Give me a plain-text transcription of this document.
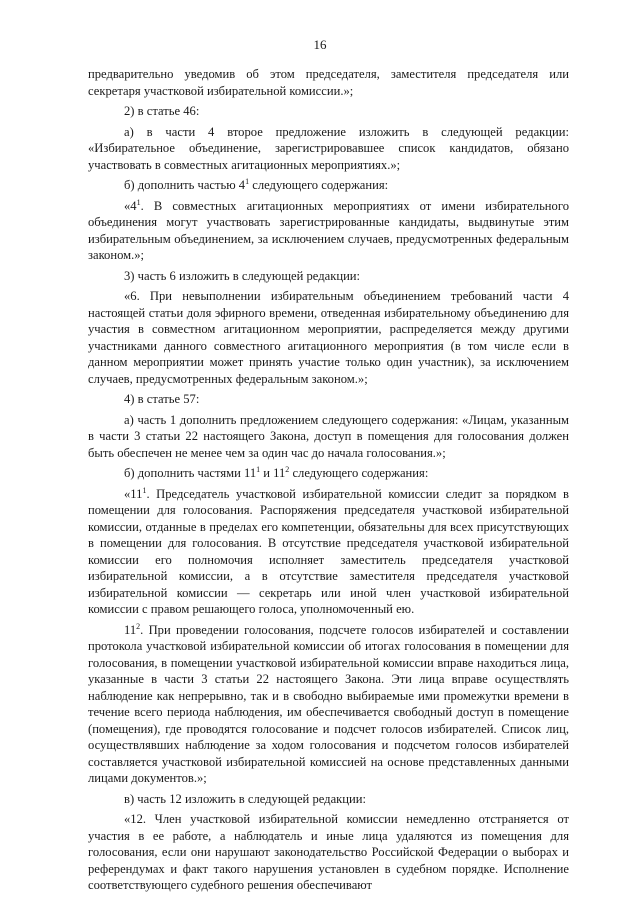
16

предварительно уведомив об этом председателя, заместителя председателя или секретаря участковой избирательной комиссии.»;

2) в статье 46:

а) в части 4 второе предложение изложить в следующей редакции: «Избирательное объединение, зарегистрировавшее список кандидатов, обязано участвовать в совместных агитационных мероприятиях.»;

б) дополнить частью $4^1$ следующего содержания:

«$4^1$. В совместных агитационных мероприятиях от имени избирательного объединения могут участвовать зарегистрированные кандидаты, выдвинутые этим избирательным объединением, за исключением случаев, предусмотренных федеральным законом.»;

3) часть 6 изложить в следующей редакции:

«6. При невыполнении избирательным объединением требований части 4 настоящей статьи доля эфирного времени, отведенная избирательному объединению для участия в совместном агитационном мероприятии, распределяется между другими участниками данного совместного агитационного мероприятия (в том числе если в данном мероприятии может принять участие только один участник), за исключением случаев, предусмотренных федеральным законом.»;

4) в статье 57:

а) часть 1 дополнить предложением следующего содержания: «Лицам, указанным в части 3 статьи 22 настоящего Закона, доступ в помещения для голосования должен быть обеспечен не менее чем за один час до начала голосования.»;

б) дополнить частями $11^1$ и $11^2$ следующего содержания:

«$11^1$. Председатель участковой избирательной комиссии следит за порядком в помещении для голосования. Распоряжения председателя участковой избирательной комиссии, отданные в пределах его компетенции, обязательны для всех присутствующих в помещении для голосования. В отсутствие председателя участковой избирательной комиссии его полномочия исполняет заместитель председателя участковой избирательной комиссии, а в отсутствие заместителя председателя участковой избирательной комиссии — секретарь или иной член участковой избирательной комиссии с правом решающего голоса, уполномоченный ею.

$11^2$. При проведении голосования, подсчете голосов избирателей и составлении протокола участковой избирательной комиссии об итогах голосования в помещении для голосования, в помещении участковой избирательной комиссии вправе находиться лица, указанные в части 3 статьи 22 настоящего Закона. Эти лица вправе осуществлять наблюдение как непрерывно, так и в свободно выбираемые ими промежутки времени в течение всего периода наблюдения, им обеспечивается свободный доступ в помещение (помещения), где проводятся голосование и подсчет голосов избирателей. Список лиц, осуществлявших наблюдение за ходом голосования и подсчетом голосов избирателей составляется участковой избирательной комиссией на основе представленных данными лицами документов.»;

в) часть 12 изложить в следующей редакции:

«12. Член участковой избирательной комиссии немедленно отстраняется от участия в ее работе, а наблюдатель и иные лица удаляются из помещения для голосования, если они нарушают законодательство Российской Федерации о выборах и референдумах и факт такого нарушения установлен в судебном порядке. Исполнение соответствующего судебного решения обеспечивают
